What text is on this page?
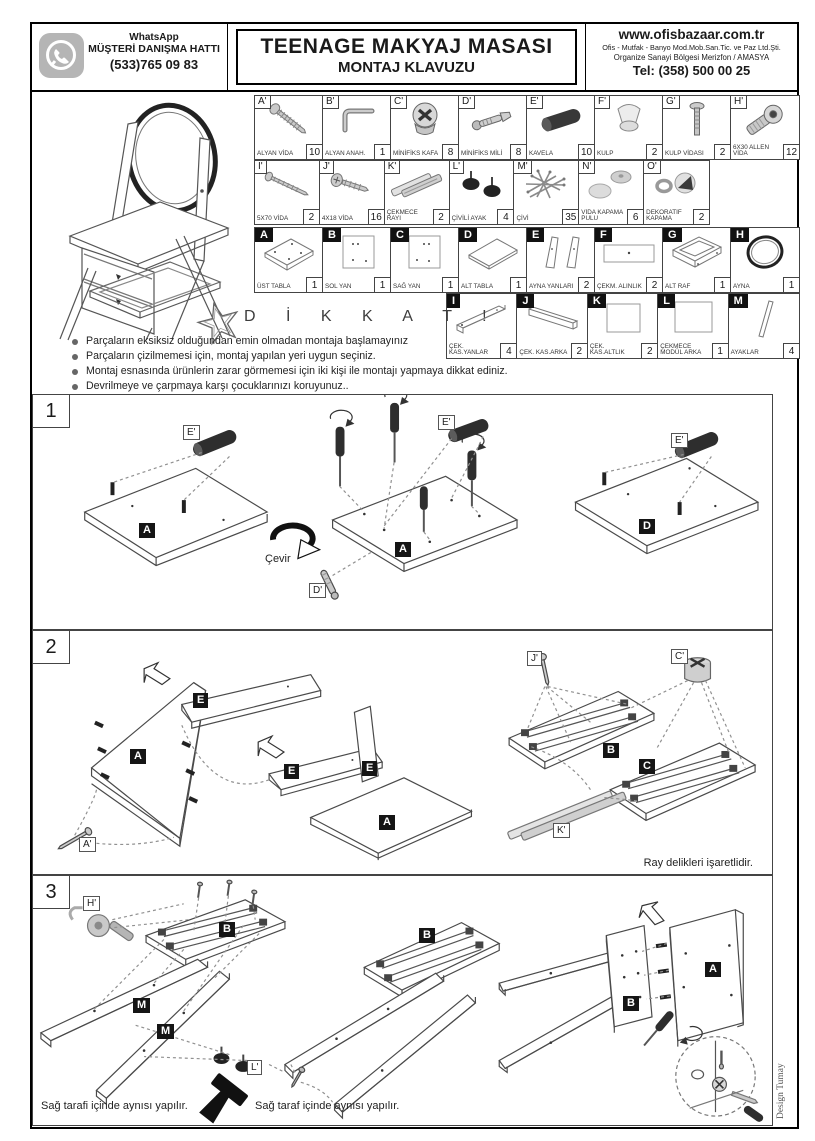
WhatsApp
MÜŞTERİ DANIŞMA HATTI
(533)765 09 83
TEENAGE MAKYAJ MASASI
MONTAJ KLAVUZU
www.ofisbazaar.com.tr
Ofis - Mutfak - Banyo Mod.Mob.San.Tic. ve Paz Ltd.Şti.
Organize Sanayi Bölgesi Merizfon / AMASYA
Tel: (358) 500 00 25
A'
ALYAN VİDA	10
B'
ALYAN ANAH.	1
C'
MİNİFİKS KAFA 8
D'
MİNİFİKS MİLİ	8
E'
KAVELA	10
F'
KULP	2
G'
KULP VİDASI	2
H'
6X30 ALLEN VİDA	12
I'
5X70 VİDA	2
J'
4X18 VİDA	16
K'
ÇEKMECE RAYI	2
L'
ÇİVİLİ AYAK	4
M'
ÇİVİ	35
N'
VİDA KAPAMA PULU	6
O'
DEKORATİF KAPAMA	2
A
ÜST TABLA	1
B
SOL YAN	1
C
SAĞ YAN	1
D
ALT TABLA	1
E
AYNA YANLARI	2
F
ÇEKM. ALINLIK 2
G
ALT RAF	1
H
AYNA	1
I
ÇEK. KAS.YANLAR	4
J
ÇEK. KAS.ARKA 2
K
ÇEK. KAS.ALTLIK	2
L
ÇEKMECE MODÜL ARKA	1
M
AYAKLAR	4
D İ K K A T !
Parçaların eksiksiz olduğundan emin olmadan montaja başlamayınız
Parçaların çizilmemesi için, montaj yapılan yeri uygun seçiniz.
Montaj esnasında ürünlerin zarar görmemesi için iki kişi ile montajı yapmaya dikkat ediniz.
Devrilmeye ve çarpmaya karşı çocuklarınızı koruyunuz..
1
E'
A
E'
A
D'
E'
D
Çevir
2
E
A
A'
E	E
A
J'	C'
B
C
K'
Ray delikleri işaretlidir.
3
H'
B
M
M
L'
B
B
A
Sağ tarafi içinde aynısı yapılır.	Sağ taraf içinde aynısı yapılır.	Design Tumay
